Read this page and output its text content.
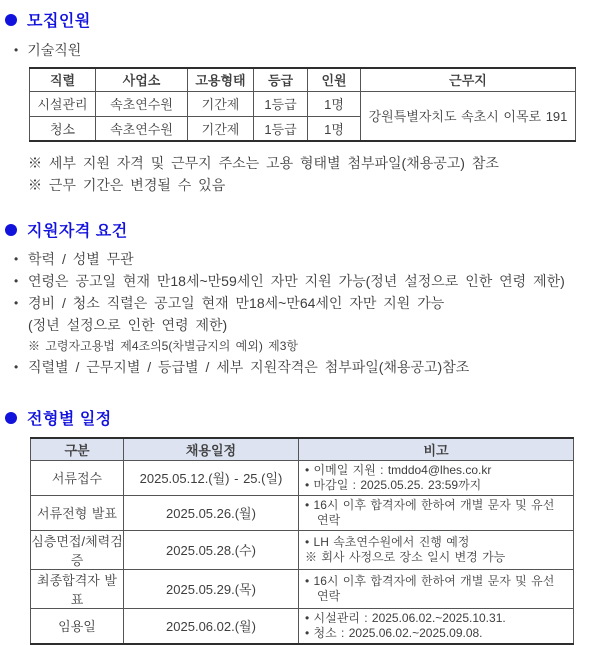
모집인원
• 기술직원
직렬	사업소	고용형태	등급	인원	근무지
시설관리	속초연수원	기간제	1등급	1명	강원특별자치도 속초시 이목로 191
청소	속초연수원	기간제	1등급	1명	
※ 세부 지원 자격 및 근무지 주소는 고용 형태별 첨부파일(채용공고) 참조
※ 근무 기간은 변경될 수 있음
지원자격 요건
• 학력 / 성별 무관
• 연령은 공고일 현재 만18세~만59세인 자만 지원 가능(정년 설정으로 인한 연령 제한)
• 경비 / 청소 직렬은 공고일 현재 만18세~만64세인 자만 지원 가능
(정년 설정으로 인한 연령 제한)
※ 고령자고용법 제4조의5(차별금지의 예외) 제3항
• 직렬별 / 근무지별 / 등급별 / 세부 지원작격은 첨부파일(채용공고)참조
전형별 일정
구분	채용일정	비고
서류접수	2025.05.12.(월) - 25.(일)	• 이메일 지원 : tmddo4@lhes.co.kr
• 마감일 : 2025.05.25. 23:59까지

서류전형 발표	2025.05.26.(월)	• 16시 이후 합격자에 한하여 개별 문자 및 유선 연락

심층면접/체력검증	2025.05.28.(수)	• LH 속초연수원에서 진행 예정
※ 회사 사정으로 장소 일시 변경 가능

최종합격자 발표	2025.05.29.(목)	• 16시 이후 합격자에 한하여 개별 문자 및 유선 연락

임용일	2025.06.02.(월)	• 시설관리 : 2025.06.02.~2025.10.31.
• 청소 : 2025.06.02.~2025.09.08.
